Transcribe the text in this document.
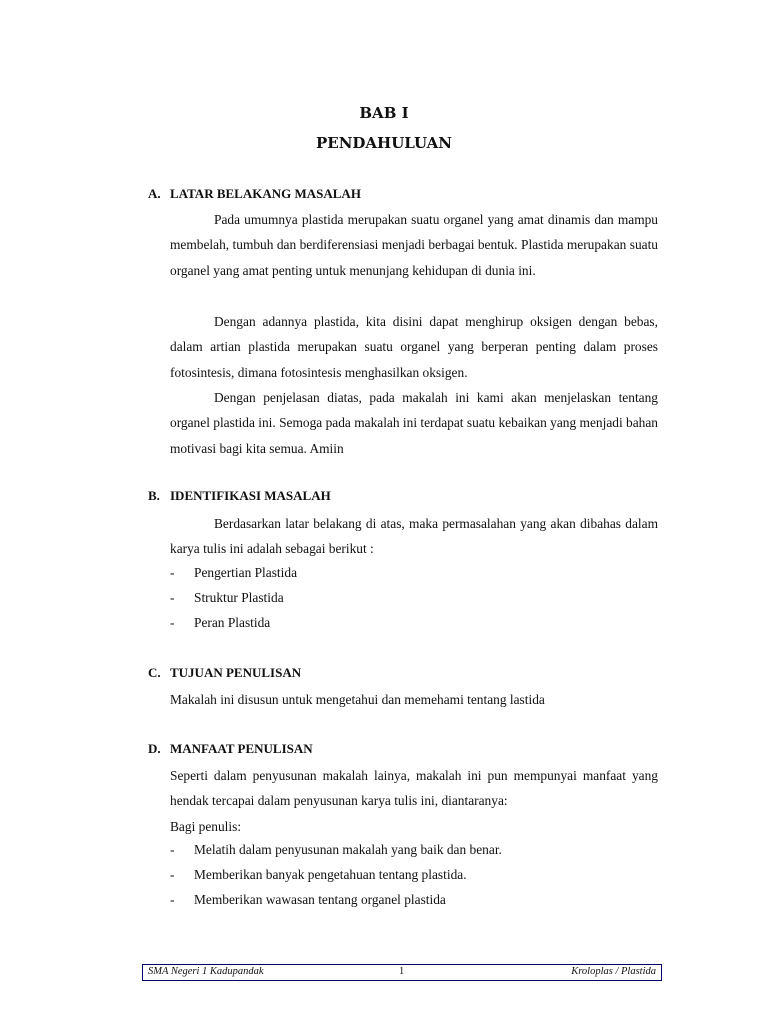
BAB I
PENDAHULUAN
A. LATAR BELAKANG MASALAH

Pada umumnya plastida merupakan suatu organel yang amat dinamis dan mampu membelah, tumbuh dan berdiferensiasi menjadi berbagai bentuk. Plastida merupakan suatu organel yang amat penting untuk menunjang kehidupan di dunia ini.

Dengan adannya plastida, kita disini dapat menghirup oksigen dengan bebas, dalam artian plastida merupakan suatu organel yang berperan penting dalam proses fotosintesis, dimana fotosintesis menghasilkan oksigen.

Dengan penjelasan diatas, pada makalah ini kami akan menjelaskan tentang organel plastida ini. Semoga pada makalah ini terdapat suatu kebaikan yang menjadi bahan motivasi bagi kita semua. Amiin

B. IDENTIFIKASI MASALAH

Berdasarkan latar belakang di atas, maka permasalahan yang akan dibahas dalam karya tulis ini adalah sebagai berikut :

- Pengertian Plastida
- Struktur Plastida
- Peran Plastida
C. TUJUAN PENULISAN

Makalah ini disusun untuk mengetahui dan memehami tentang lastida

D. MANFAAT PENULISAN

Seperti dalam penyusunan makalah lainya, makalah ini pun mempunyai manfaat yang hendak tercapai dalam penyusunan karya tulis ini, diantaranya:

Bagi penulis:

- Melatih dalam penyusunan makalah yang baik dan benar.
- Memberikan banyak pengetahuan tentang plastida.
- Memberikan wawasan tentang organel plastida
SMA Negeri 1 Kadupandak	1	Kroloplas / Plastida
